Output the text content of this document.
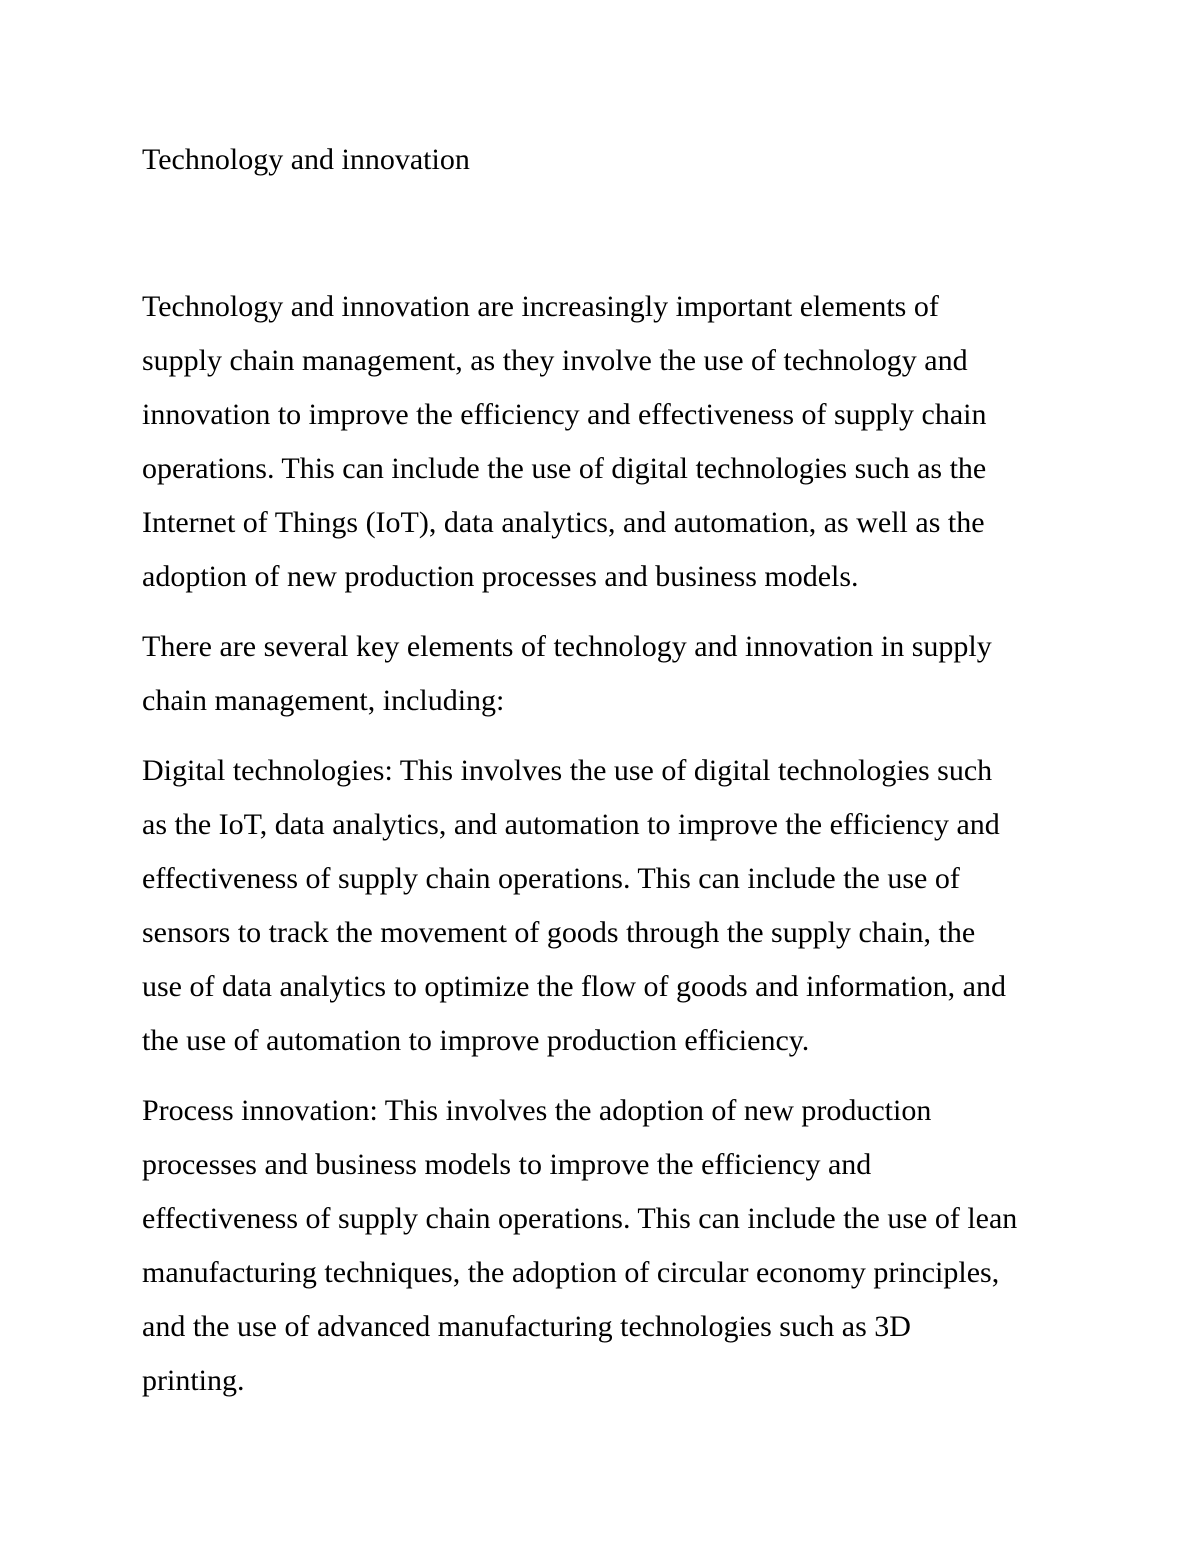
Technology and innovation

Technology and innovation are increasingly important elements of
supply chain management, as they involve the use of technology and
innovation to improve the efficiency and effectiveness of supply chain
operations. This can include the use of digital technologies such as the
Internet of Things (IoT), data analytics, and automation, as well as the
adoption of new production processes and business models.

There are several key elements of technology and innovation in supply
chain management, including:

Digital technologies: This involves the use of digital technologies such
as the IoT, data analytics, and automation to improve the efficiency and
effectiveness of supply chain operations. This can include the use of
sensors to track the movement of goods through the supply chain, the
use of data analytics to optimize the flow of goods and information, and
the use of automation to improve production efficiency.

Process innovation: This involves the adoption of new production
processes and business models to improve the efficiency and
effectiveness of supply chain operations. This can include the use of lean
manufacturing techniques, the adoption of circular economy principles,
and the use of advanced manufacturing technologies such as 3D
printing.
